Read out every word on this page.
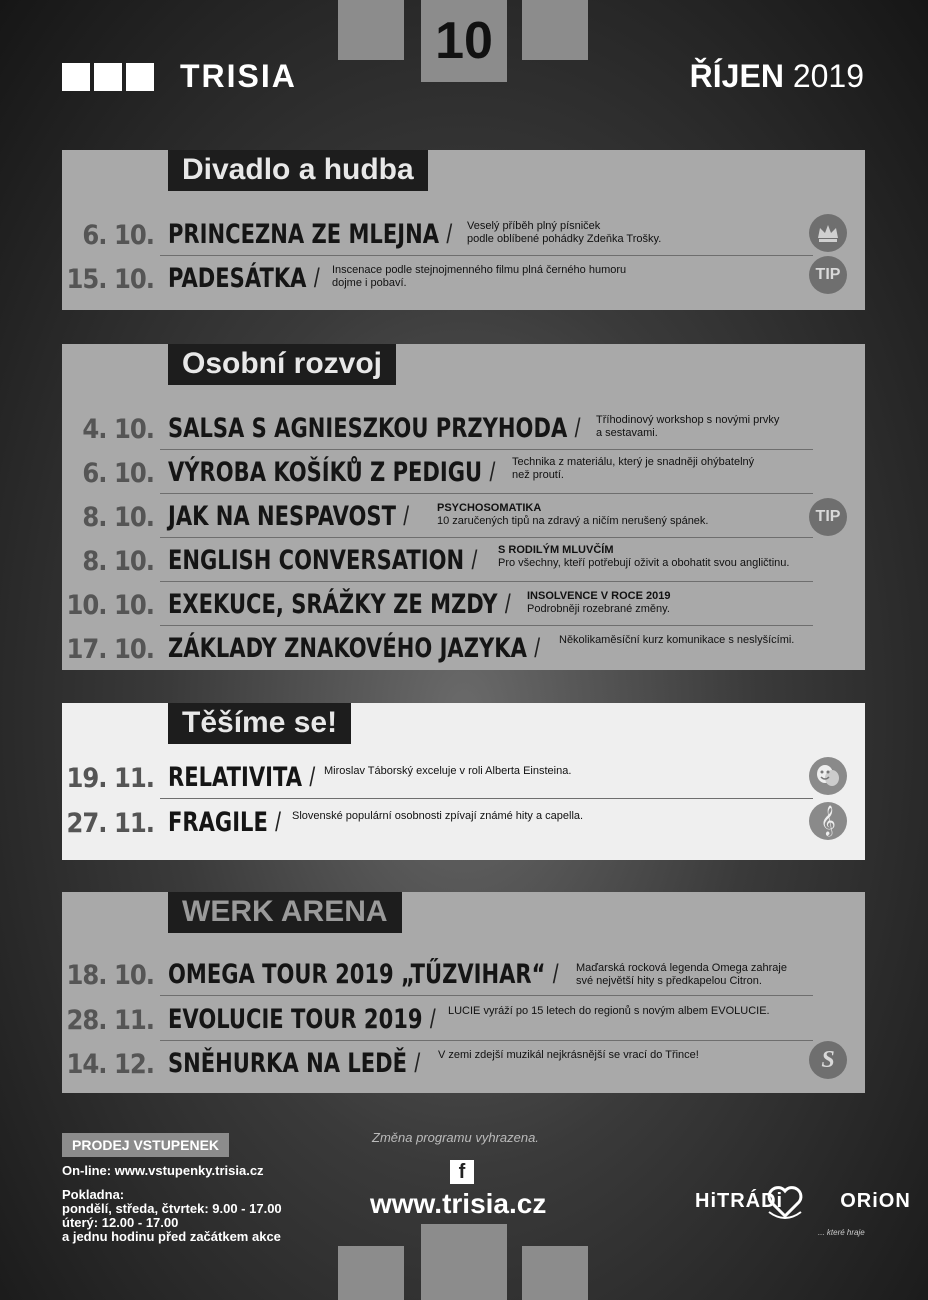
10
TRISIA	ŘÍJEN 2019
Divadlo a hudba
6. 10. PRINCEZNA ZE MLEJNA / Veselý příběh plný písniček
podle oblíbené pohádky Zdeňka Trošky.
15. 10. PADESÁTKA / Inscenace podle stejnojmenného filmu plná černého humoru
dojme i pobaví.	TIP
Osobní rozvoj
4. 10. SALSA S AGNIESZKOU PRZYHODA / Tříhodinový workshop s novými prvky
a sestavami.
6. 10. VÝROBA KOŠÍKŮ Z PEDIGU / Technika z materiálu, který je snadněji ohýbatelný
než proutí.
8. 10. JAK NA NESPAVOST /	PSYCHOSOMATIKA
10 zaručených tipů na zdravý a ničím nerušený spánek.	TIP
8. 10. ENGLISH CONVERSATION / S RODILÝM MLUVČÍM
Pro všechny, kteří potřebují oživit a obohatit svou angličtinu.
10. 10. EXEKUCE, SRÁŽKY ZE MZDY / INSOLVENCE V ROCE 2019
Podrobněji rozebrané změny.
17. 10. ZÁKLADY ZNAKOVÉHO JAZYKA / Několikaměsíční kurz komunikace s neslyšícími.
Těšíme se!
19. 11. RELATIVITA / Miroslav Táborský exceluje v roli Alberta Einsteina.
27. 11. FRAGILE / Slovenské populární osobnosti zpívají známé hity a capella.	𝄞
WERK ARENA
18. 10. OMEGA TOUR 2019 „TŰZVIHAR“ / Maďarská rocková legenda Omega zahraje
své největší hity s předkapelou Citron.
28. 11. EVOLUCIE TOUR 2019 / LUCIE vyráží po 15 letech do regionů s novým albem EVOLUCIE.
14. 12. SNĚHURKA NA LEDĚ / V zemi zdejší muzikál nejkrásnější se vrací do Třince!	S
PRODEJ VSTUPENEK
On-line: www.vstupenky.trisia.cz
Pokladna:
pondělí, středa, čtvrtek: 9.00 - 17.00
úterý: 12.00 - 17.00
a jednu hodinu před začátkem akce
Změna programu vyhrazena.
f
www.trisia.cz	HiTRÁDi	ORiON
... které hraje
